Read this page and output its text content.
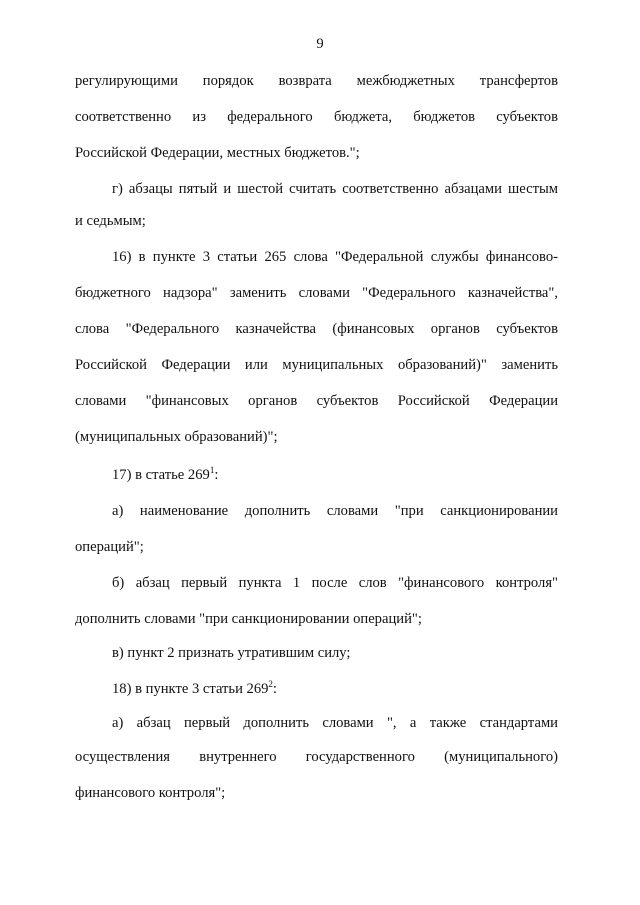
9
регулирующими порядок возврата межбюджетных трансфертов
соответственно из федерального бюджета, бюджетов субъектов
Российской Федерации, местных бюджетов.";
г) абзацы пятый и шестой считать соответственно абзацами шестым
и седьмым;
16) в пункте 3 статьи 265 слова "Федеральной службы финансово-
бюджетного надзора" заменить словами "Федерального казначейства",
слова "Федерального казначейства (финансовых органов субъектов
Российской Федерации или муниципальных образований)" заменить
словами "финансовых органов субъектов Российской Федерации
(муниципальных образований)";
17) в статье $269^1$:
а) наименование дополнить словами "при санкционировании
операций";
б) абзац первый пункта 1 после слов "финансового контроля"
дополнить словами "при санкционировании операций";
в) пункт 2 признать утратившим силу;
18) в пункте 3 статьи $269^2$:
а) абзац первый дополнить словами ", а также стандартами
осуществления внутреннего государственного (муниципального)
финансового контроля";
